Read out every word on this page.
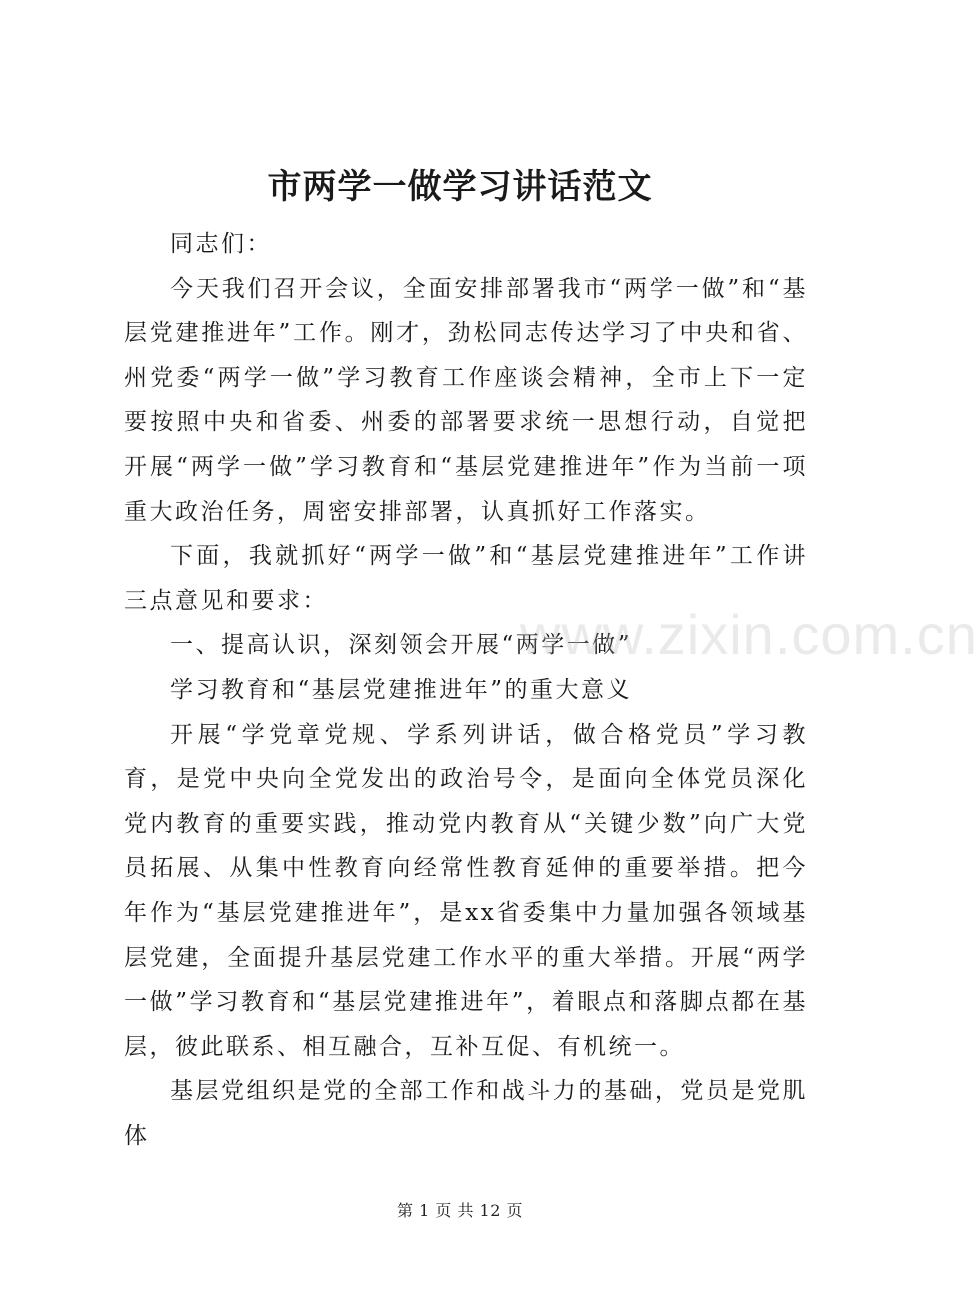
市两学一做学习讲话范文

同志们：

今天我们召开会议，全面安排部署我市“两学一做”和“基层党建推进年”工作。刚才，劲松同志传达学习了中央和省、州党委“两学一做”学习教育工作座谈会精神，全市上下一定要按照中央和省委、州委的部署要求统一思想行动，自觉把开展“两学一做”学习教育和“基层党建推进年”作为当前一项重大政治任务，周密安排部署，认真抓好工作落实。

下面，我就抓好“两学一做”和“基层党建推进年”工作讲三点意见和要求：

一、提高认识，深刻领会开展“两学一做”

学习教育和“基层党建推进年”的重大意义

开展“学党章党规、学系列讲话，做合格党员”学习教育，是党中央向全党发出的政治号令，是面向全体党员深化党内教育的重要实践，推动党内教育从“关键少数”向广大党员拓展、从集中性教育向经常性教育延伸的重要举措。把今年作为“基层党建推进年”，是xx省委集中力量加强各领域基层党建，全面提升基层党建工作水平的重大举措。开展“两学一做”学习教育和“基层党建推进年”，着眼点和落脚点都在基层，彼此联系、相互融合，互补互促、有机统一。

基层党组织是党的全部工作和战斗力的基础，党员是党肌体

www.zixin.com.cn
第 1 页 共 12 页
